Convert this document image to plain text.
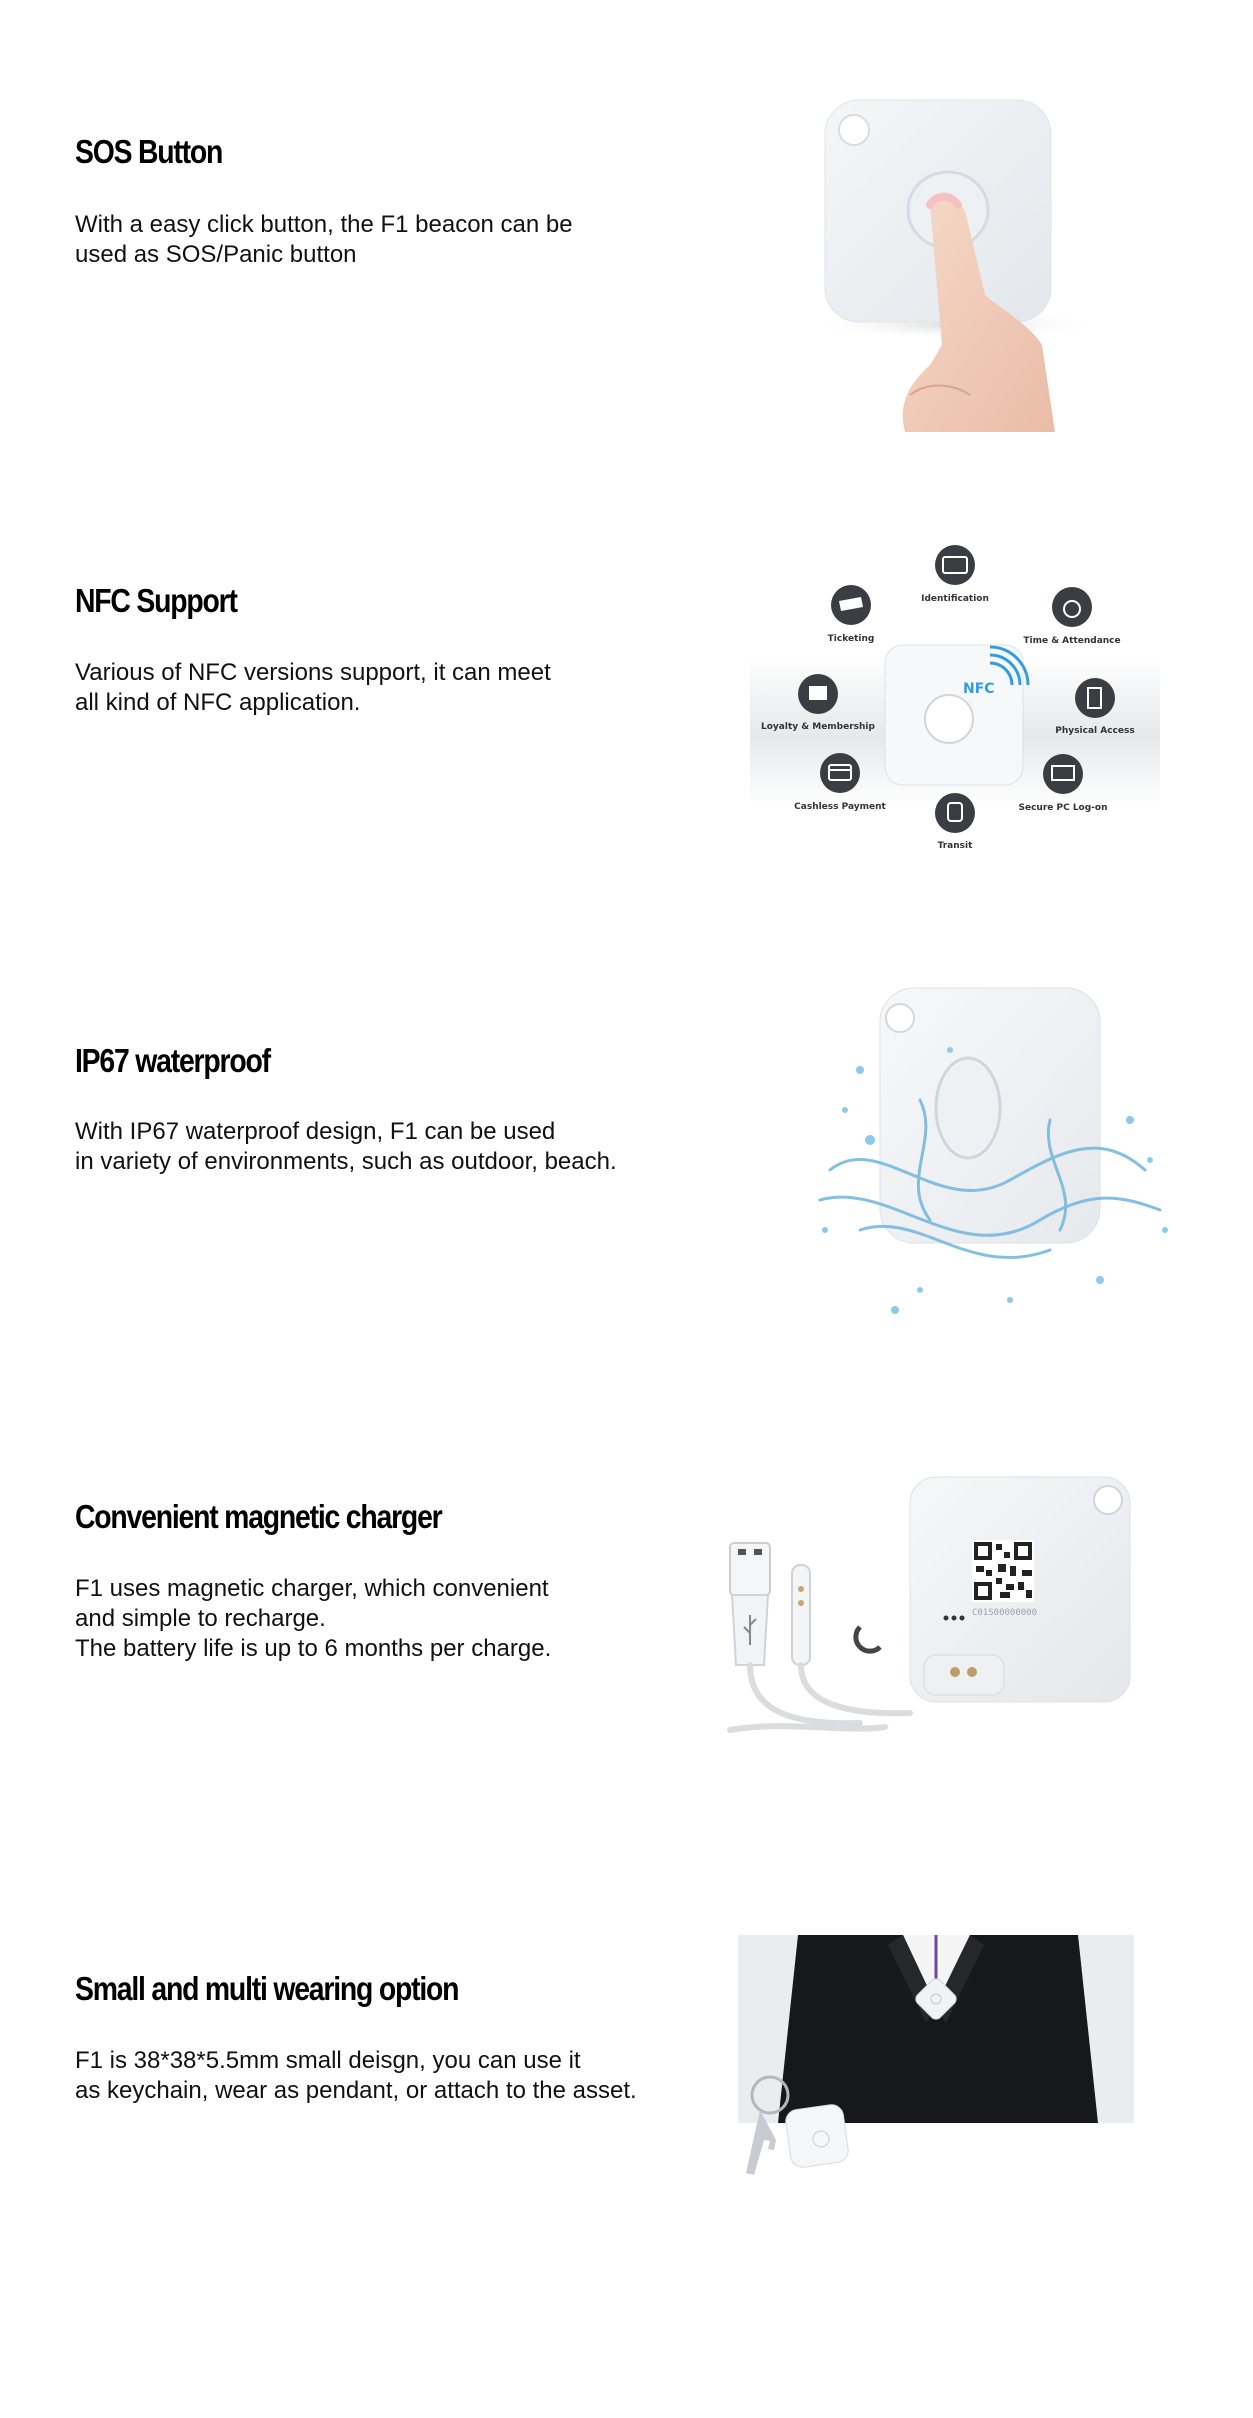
SOS Button

With a easy click button, the F1 beacon can be
used as SOS/Panic button

NFC Support

Various of NFC versions support, it can meet
all kind of NFC application.	NFC
Identification
Time & Attendance
Physical Access
Secure PC Log-on
Transit
Cashless Payment
Loyalty & Membership
Ticketing
IP67 waterproof

With IP67 waterproof design, F1 can be used
in variety of environments, such as outdoor, beach.

Convenient magnetic charger

F1 uses magnetic charger, which convenient
and simple to recharge.
The battery life is up to 6 months per charge.

C01S00000000
Small and multi wearing option

F1 is 38*38*5.5mm small deisgn, you can use it
as keychain, wear as pendant, or attach to the asset.
